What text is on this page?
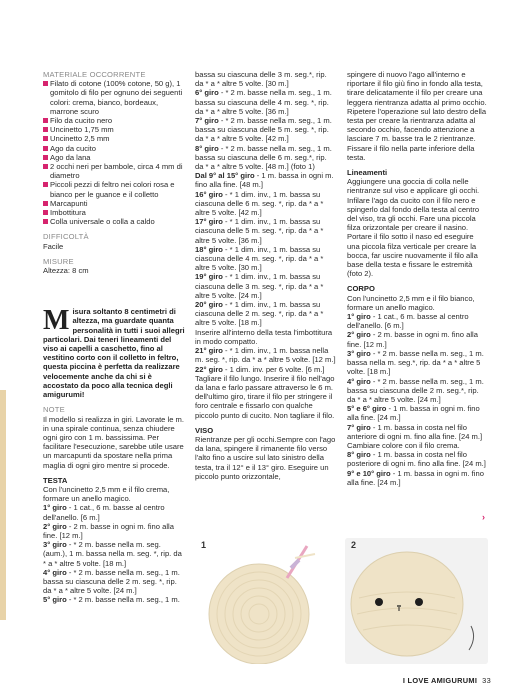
MATERIALE OCCORRENTE

Filato di cotone (100% cotone, 50 g), 1 gomitolo di filo per ognuno dei seguenti colori: crema, bianco, bordeaux, marrone scuro
Filo da cucito nero
Uncinetto 1,75 mm
Uncinetto 2,5 mm
Ago da cucito
Ago da lana
2 occhi neri per bambole, circa 4 mm di diametro
Piccoli pezzi di feltro nei colori rosa e bianco per le guance e il colletto
Marcapunti
Imbottitura
Colla universale o colla a caldo

DIFFICOLTÀ

Facile

MISURE

Altezza: 8 cm

Misura soltanto 8 centimetri di altezza, ma guardate quanta personalità in tutti i suoi allegri particolari. Dai teneri lineamenti del viso ai capelli a caschetto, fino al vestitino corto con il colletto in feltro, questa piccina è perfetta da realizzare velocemente anche da chi si è accostato da poco alla tecnica degli amigurumi!

NOTE

Il modello si realizza in giri. Lavorate le m. in una spirale continua, senza chiudere ogni giro con 1 m. bassissima. Per facilitare l'esecuzione, sarebbe utile usare un marcapunti da spostare nella prima maglia di ogni giro mentre si procede.

TESTA

Con l'uncinetto 2,5 mm e il filo crema, formare un anello magico.

1° giro - 1 cat., 6 m. basse al centro dell'anello. [6 m.]

2° giro - 2 m. basse in ogni m. fino alla fine. [12 m.]

3° giro - * 2 m. basse nella m. seg. (aum.), 1 m. bassa nella m. seg. *, rip. da * a * altre 5 volte. [18 m.]

4° giro - * 2 m. basse nella m. seg., 1 m. bassa su ciascuna delle 2 m. seg. *, rip. da * a * altre 5 volte. [24 m.]

5° giro - * 2 m. basse nella m. seg., 1 m.

bassa su ciascuna delle 3 m. seg.*, rip. da * a * altre 5 volte. [30 m.]

6° giro - * 2 m. basse nella m. seg., 1 m. bassa su ciascuna delle 4 m. seg. *, rip. da * a * altre 5 volte. [36 m.]

7° giro - * 2 m. basse nella m. seg., 1 m. bassa su ciascuna delle 5 m. seg. *, rip. da * a * altre 5 volte. [42 m.]

8° giro - * 2 m. basse nella m. seg., 1 m. bassa su ciascuna delle 6 m. seg.*, rip. da * a * altre 5 volte. [48 m.] (foto 1)

Dal 9° al 15° giro - 1 m. bassa in ogni m. fino alla fine. [48 m.]

16° giro - * 1 dim. inv., 1 m. bassa su ciascuna delle 6 m. seg. *, rip. da * a * altre 5 volte. [42 m.]

17° giro - * 1 dim. inv., 1 m. bassa su ciascuna delle 5 m. seg. *, rip. da * a * altre 5 volte. [36 m.]

18° giro - * 1 dim. inv., 1 m. bassa su ciascuna delle 4 m. seg. *, rip. da * a * altre 5 volte. [30 m.]

19° giro - * 1 dim. inv., 1 m. bassa su ciascuna delle 3 m. seg. *, rip. da * a * altre 5 volte. [24 m.]

20° giro - * 1 dim. inv., 1 m. bassa su ciascuna delle 2 m. seg. *, rip. da * a * altre 5 volte. [18 m.]

Inserire all'interno della testa l'imbottitura in modo compatto.

21° giro - * 1 dim. inv., 1 m. bassa nella m. seg. *, rip. da * a * altre 5 volte. [12 m.]

22° giro - 1 dim. inv. per 6 volte. [6 m.]

Tagliare il filo lungo. Inserire il filo nell'ago da lana e farlo passare attraverso le 6 m. dell'ultimo giro, tirare il filo per stringere il foro centrale e fissarlo con qualche piccolo punto di cucito. Non tagliare il filo.

VISO

Rientranze per gli occhi.Sempre con l'ago da lana, spingere il rimanente filo verso l'alto fino a uscire sul lato sinistro della testa, tra il 12° e il 13° giro. Eseguire un piccolo punto orizzontale,

spingere di nuovo l'ago all'interno e riportare il filo giù fino in fondo alla testa, tirare delicatamente il filo per creare una leggera rientranza adatta al primo occhio. Ripetere l'operazione sul lato destro della testa per creare la rientranza adatta al secondo occhio, facendo attenzione a lasciare 7 m. basse tra le 2 rientranze. Fissare il filo nella parte inferiore della testa.

Lineamenti

Aggiungere una goccia di colla nelle rientranze sul viso e applicare gli occhi. Infilare l'ago da cucito con il filo nero e spingerlo dal fondo della testa al centro del viso, tra gli occhi. Fare una piccola filza orizzontale per creare il nasino. Portare il filo sotto il naso ed eseguire una piccola filza verticale per creare la bocca, far uscire nuovamente il filo alla base della testa e fissare le estremità (foto 2).

CORPO

Con l'uncinetto 2,5 mm e il filo bianco, formare un anello magico.

1° giro - 1 cat., 6 m. basse al centro dell'anello. [6 m.]

2° giro - 2 m. basse in ogni m. fino alla fine. [12 m.]

3° giro - * 2 m. basse nella m. seg., 1 m. bassa nella m. seg.*, rip. da * a * altre 5 volte. [18 m.]

4° giro - * 2 m. basse nella m. seg., 1 m. bassa su ciascuna delle 2 m. seg.*, rip. da * a * altre 5 volte. [24 m.]

5° e 6° giro - 1 m. bassa in ogni m. fino alla fine. [24 m.]

7° giro - 1 m. bassa in costa nel filo anteriore di ogni m. fino alla fine. [24 m.]

Cambiare colore con il filo crema.

8° giro - 1 m. bassa in costa nel filo posteriore di ogni m. fino alla fine. [24 m.]

9° e 10° giro - 1 m. bassa in ogni m. fino alla fine. [24 m.]

›
1	2
I LOVE AMIGURUMI 33
